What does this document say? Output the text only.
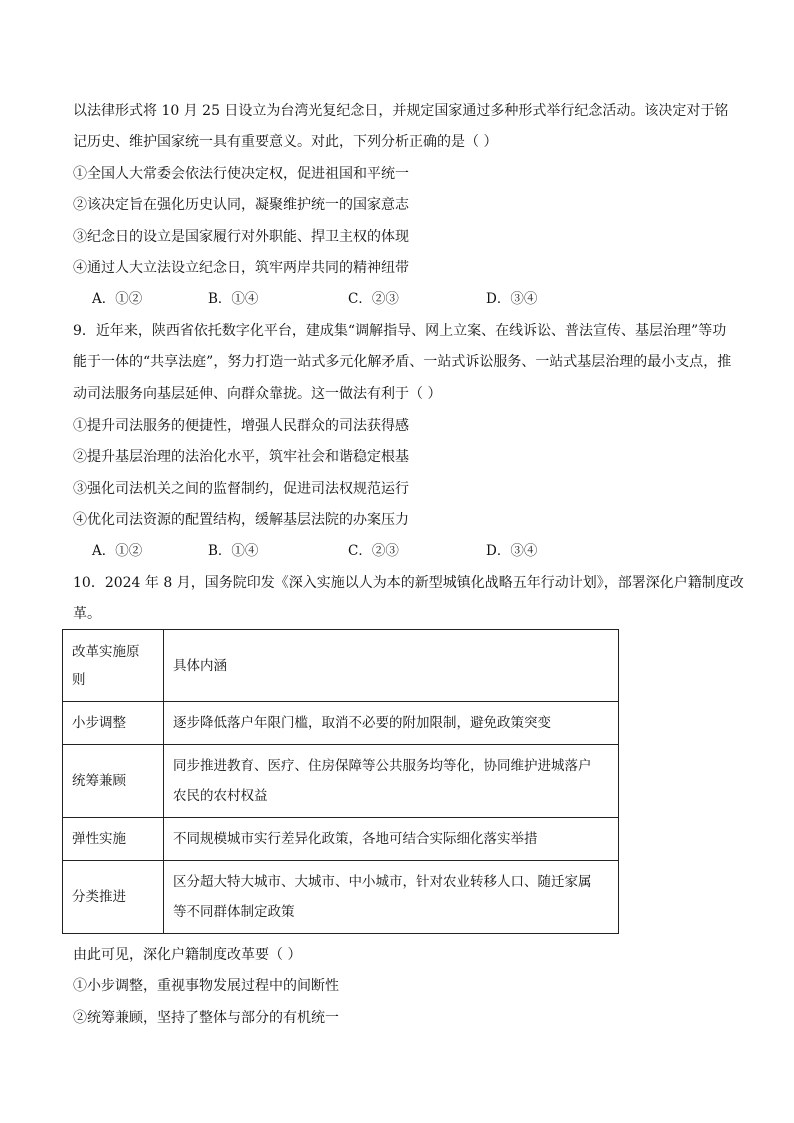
以法律形式将 10 月 25 日设立为台湾光复纪念日，并规定国家通过多种形式举行纪念活动。该决定对于铭
记历史、维护国家统一具有重要意义。对此，下列分析正确的是（ ）
①全国人大常委会依法行使决定权，促进祖国和平统一
②该决定旨在强化历史认同，凝聚维护统一的国家意志
③纪念日的设立是国家履行对外职能、捍卫主权的体现
④通过人大立法设立纪念日，筑牢两岸共同的精神纽带
A．①②	B．①④	C．②③	D．③④
9．近年来，陕西省依托数字化平台，建成集“调解指导、网上立案、在线诉讼、普法宣传、基层治理”等功
能于一体的“共享法庭”，努力打造一站式多元化解矛盾、一站式诉讼服务、一站式基层治理的最小支点，推
动司法服务向基层延伸、向群众靠拢。这一做法有利于（ ）
①提升司法服务的便捷性，增强人民群众的司法获得感
②提升基层治理的法治化水平，筑牢社会和谐稳定根基
③强化司法机关之间的监督制约，促进司法权规范运行
④优化司法资源的配置结构，缓解基层法院的办案压力
A．①②	B．①④	C．②③	D．③④
10．2024 年 8 月，国务院印发《深入实施以人为本的新型城镇化战略五年行动计划》，部署深化户籍制度改
革。
改革实施原则	具体内涵
小步调整	逐步降低落户年限门槛，取消不必要的附加限制，避免政策突变
统筹兼顾	同步推进教育、医疗、住房保障等公共服务均等化，协同维护进城落户
农民的农村权益

弹性实施	不同规模城市实行差异化政策，各地可结合实际细化落实举措
分类推进	区分超大特大城市、大城市、中小城市，针对农业转移人口、随迁家属
等不同群体制定政策
由此可见，深化户籍制度改革要（ ）
①小步调整，重视事物发展过程中的间断性
②统筹兼顾，坚持了整体与部分的有机统一
